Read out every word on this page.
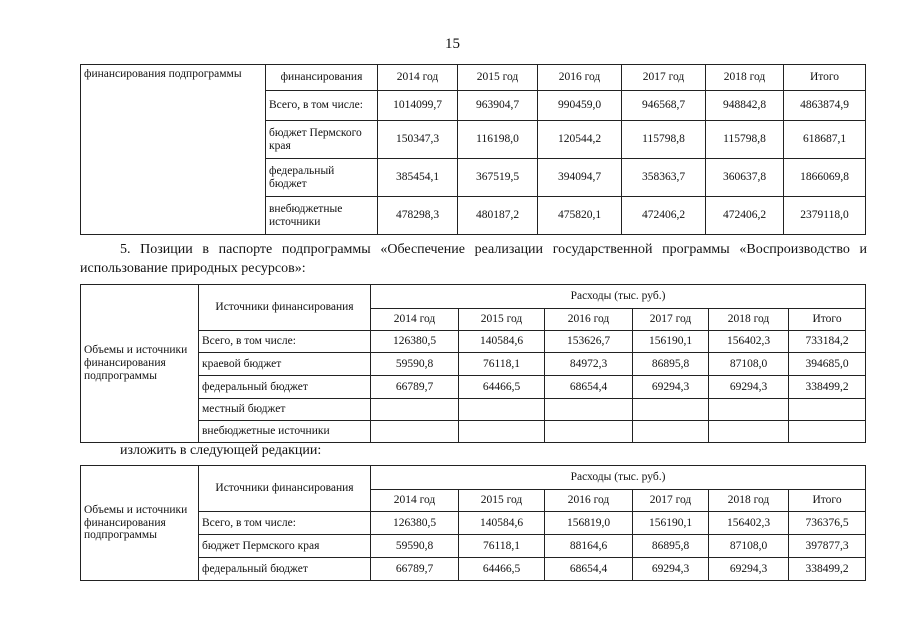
15
финансирования подпрограммы	финансирования	2014 год	2015 год	2016 год	2017 год	2018 год	Итого
	Всего, в том числе:	1014099,7	963904,7	990459,0	946568,7	948842,8	4863874,9
	бюджет Пермского края	150347,3	116198,0	120544,2	115798,8	115798,8	618687,1
	федеральный бюджет	385454,1	367519,5	394094,7	358363,7	360637,8	1866069,8
	внебюджетные источники	478298,3	480187,2	475820,1	472406,2	472406,2	2379118,0
5. Позиции в паспорте подпрограммы «Обеспечение реализации государственной программы «Воспроизводство и использование природных ресурсов»:
Объемы и источники финансирования подпрограммы	Источники финансирования	Расходы (тыс. руб.)					
		2014 год	2015 год	2016 год	2017 год	2018 год	Итого
	Всего, в том числе:	126380,5	140584,6	153626,7	156190,1	156402,3	733184,2
	краевой бюджет	59590,8	76118,1	84972,3	86895,8	87108,0	394685,0
	федеральный бюджет	66789,7	64466,5	68654,4	69294,3	69294,3	338499,2
	местный бюджет						
	внебюджетные источники						
изложить в следующей редакции:
Объемы и источники финансирования подпрограммы	Источники финансирования	Расходы (тыс. руб.)					
		2014 год	2015 год	2016 год	2017 год	2018 год	Итого
	Всего, в том числе:	126380,5	140584,6	156819,0	156190,1	156402,3	736376,5
	бюджет Пермского края	59590,8	76118,1	88164,6	86895,8	87108,0	397877,3
	федеральный бюджет	66789,7	64466,5	68654,4	69294,3	69294,3	338499,2
